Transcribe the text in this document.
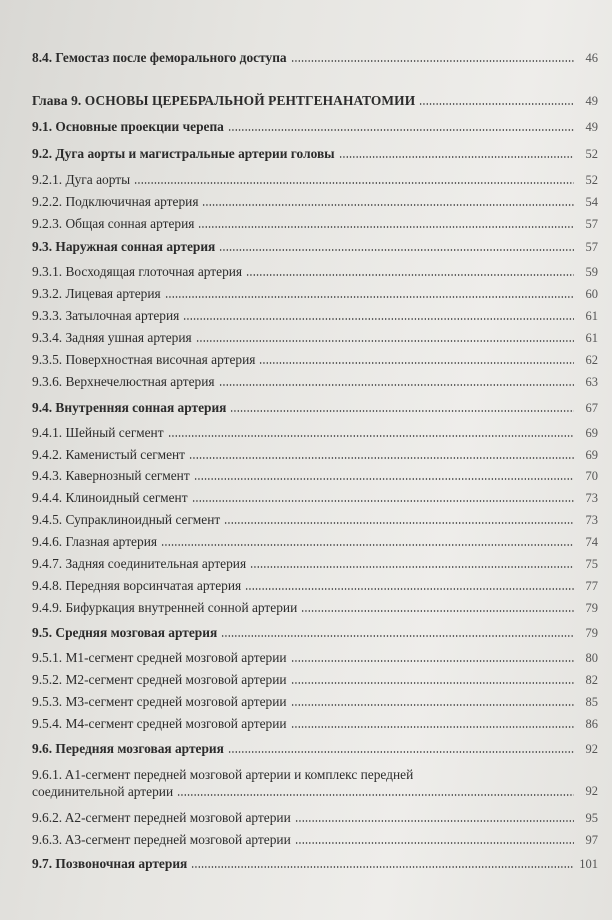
8.4. Гемостаз после феморального доступа	46
Глава 9. ОСНОВЫ ЦЕРЕБРАЛЬНОЙ РЕНТГЕНАНАТОМИИ	49
9.1. Основные проекции черепа	49
9.2. Дуга аорты и магистральные артерии головы	52
9.2.1. Дуга аорты	52
9.2.2. Подключичная артерия	54
9.2.3. Общая сонная артерия	57
9.3. Наружная сонная артерия	57
9.3.1. Восходящая глоточная артерия	59
9.3.2. Лицевая артерия	60
9.3.3. Затылочная артерия	61
9.3.4. Задняя ушная артерия	61
9.3.5. Поверхностная височная артерия	62
9.3.6. Верхнечелюстная артерия	63
9.4. Внутренняя сонная артерия	67
9.4.1. Шейный сегмент	69
9.4.2. Каменистый сегмент	69
9.4.3. Кавернозный сегмент	70
9.4.4. Клиноидный сегмент	73
9.4.5. Супраклиноидный сегмент	73
9.4.6. Глазная артерия	74
9.4.7. Задняя соединительная артерия	75
9.4.8. Передняя ворсинчатая артерия	77
9.4.9. Бифуркация внутренней сонной артерии	79
9.5. Средняя мозговая артерия	79
9.5.1. M1-сегмент средней мозговой артерии	80
9.5.2. M2-сегмент средней мозговой артерии	82
9.5.3. M3-сегмент средней мозговой артерии	85
9.5.4. M4-сегмент средней мозговой артерии	86
9.6. Передняя мозговая артерия	92
9.6.1. A1-сегмент передней мозговой артерии и комплекс передней
соединительной артерии	92
9.6.2. A2-сегмент передней мозговой артерии	95
9.6.3. A3-сегмент передней мозговой артерии	97
9.7. Позвоночная артерия	101
